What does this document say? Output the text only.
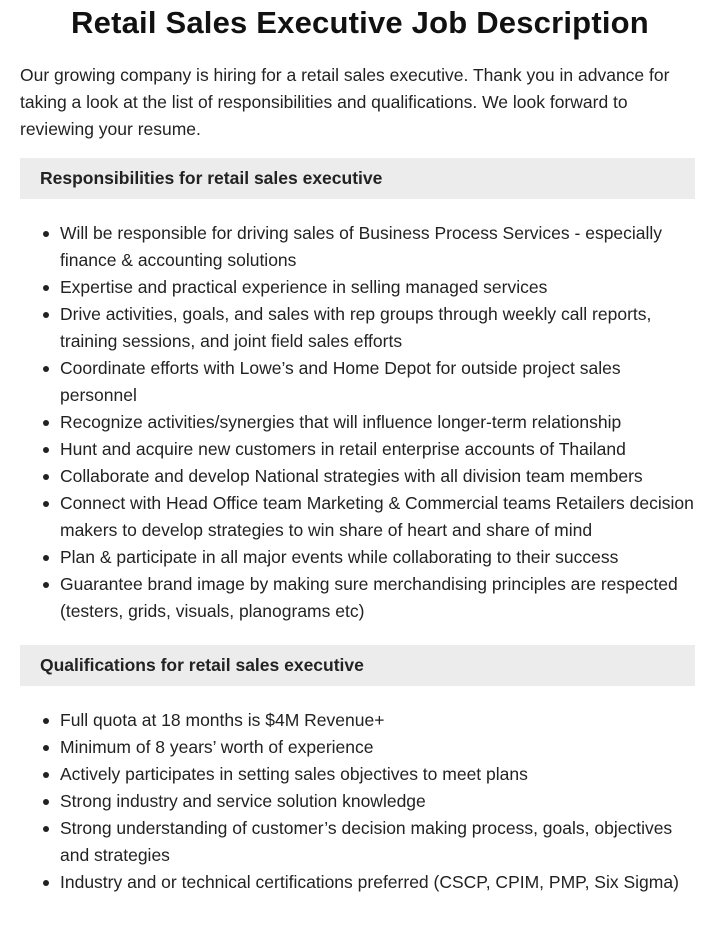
Retail Sales Executive Job Description

Our growing company is hiring for a retail sales executive. Thank you in advance for taking a look at the list of responsibilities and qualifications. We look forward to reviewing your resume.

Responsibilities for retail sales executive
Will be responsible for driving sales of Business Process Services - especially finance & accounting solutions
Expertise and practical experience in selling managed services
Drive activities, goals, and sales with rep groups through weekly call reports, training sessions, and joint field sales efforts
Coordinate efforts with Lowe’s and Home Depot for outside project sales personnel
Recognize activities/synergies that will influence longer-term relationship
Hunt and acquire new customers in retail enterprise accounts of Thailand
Collaborate and develop National strategies with all division team members
Connect with Head Office team Marketing & Commercial teams Retailers decision makers to develop strategies to win share of heart and share of mind
Plan & participate in all major events while collaborating to their success
Guarantee brand image by making sure merchandising principles are respected (testers, grids, visuals, planograms etc)
Qualifications for retail sales executive
Full quota at 18 months is $4M Revenue+
Minimum of 8 years’ worth of experience
Actively participates in setting sales objectives to meet plans
Strong industry and service solution knowledge
Strong understanding of customer’s decision making process, goals, objectives and strategies
Industry and or technical certifications preferred (CSCP, CPIM, PMP, Six Sigma)
